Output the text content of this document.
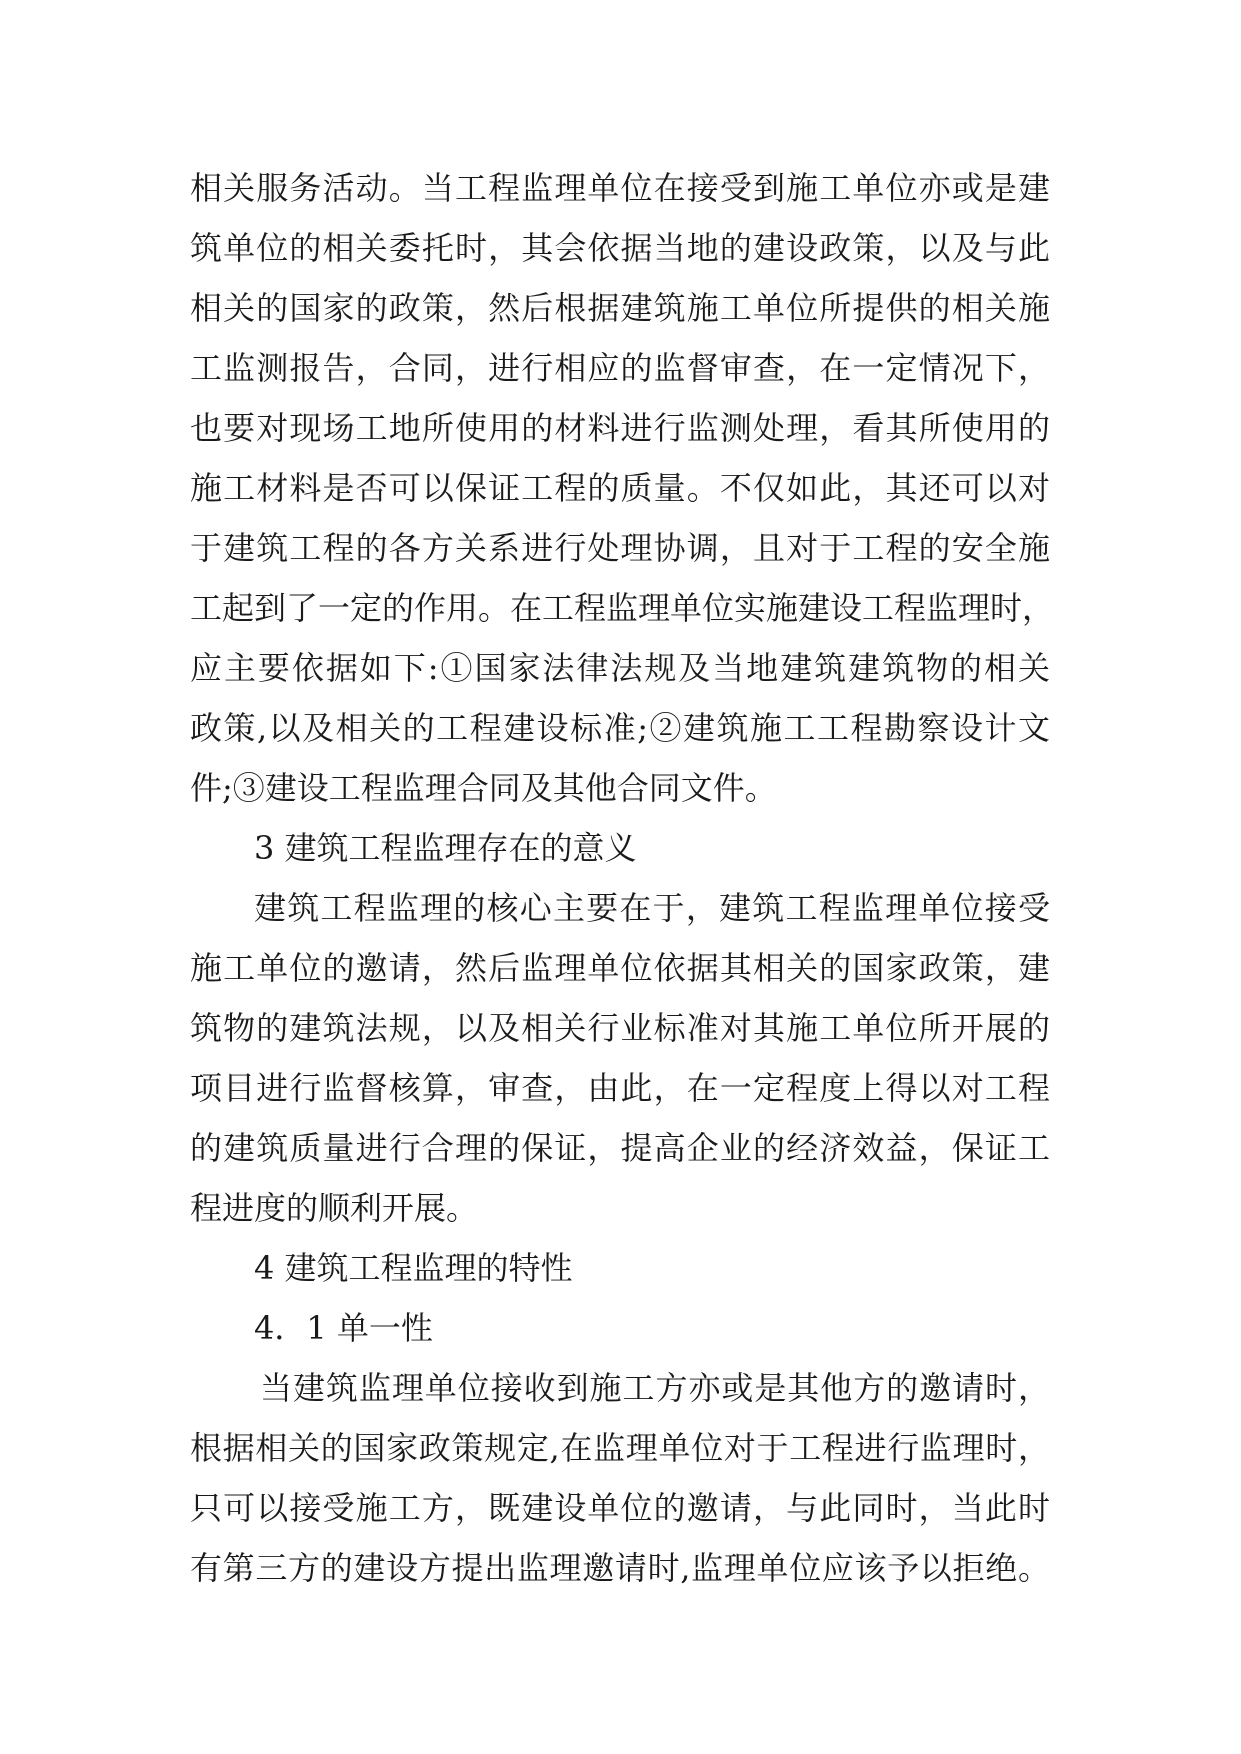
相关服务活动。当工程监理单位在接受到施工单位亦或是建
筑单位的相关委托时，其会依据当地的建设政策，以及与此
相关的国家的政策，然后根据建筑施工单位所提供的相关施
工监测报告，合同，进行相应的监督审查，在一定情况下，
也要对现场工地所使用的材料进行监测处理，看其所使用的
施工材料是否可以保证工程的质量。不仅如此，其还可以对
于建筑工程的各方关系进行处理协调，且对于工程的安全施
工起到了一定的作用。在工程监理单位实施建设工程监理时，
应主要依据如下:①国家法律法规及当地建筑建筑物的相关
政策,以及相关的工程建设标准;②建筑施工工程勘察设计文
件;③建设工程监理合同及其他合同文件。
3 建筑工程监理存在的意义
建筑工程监理的核心主要在于，建筑工程监理单位接受
施工单位的邀请，然后监理单位依据其相关的国家政策，建
筑物的建筑法规，以及相关行业标准对其施工单位所开展的
项目进行监督核算，审查，由此，在一定程度上得以对工程
的建筑质量进行合理的保证，提高企业的经济效益，保证工
程进度的顺利开展。
4 建筑工程监理的特性
4．1 单一性
当建筑监理单位接收到施工方亦或是其他方的邀请时，
根据相关的国家政策规定,在监理单位对于工程进行监理时，
只可以接受施工方，既建设单位的邀请，与此同时，当此时
有第三方的建设方提出监理邀请时,监理单位应该予以拒绝。
